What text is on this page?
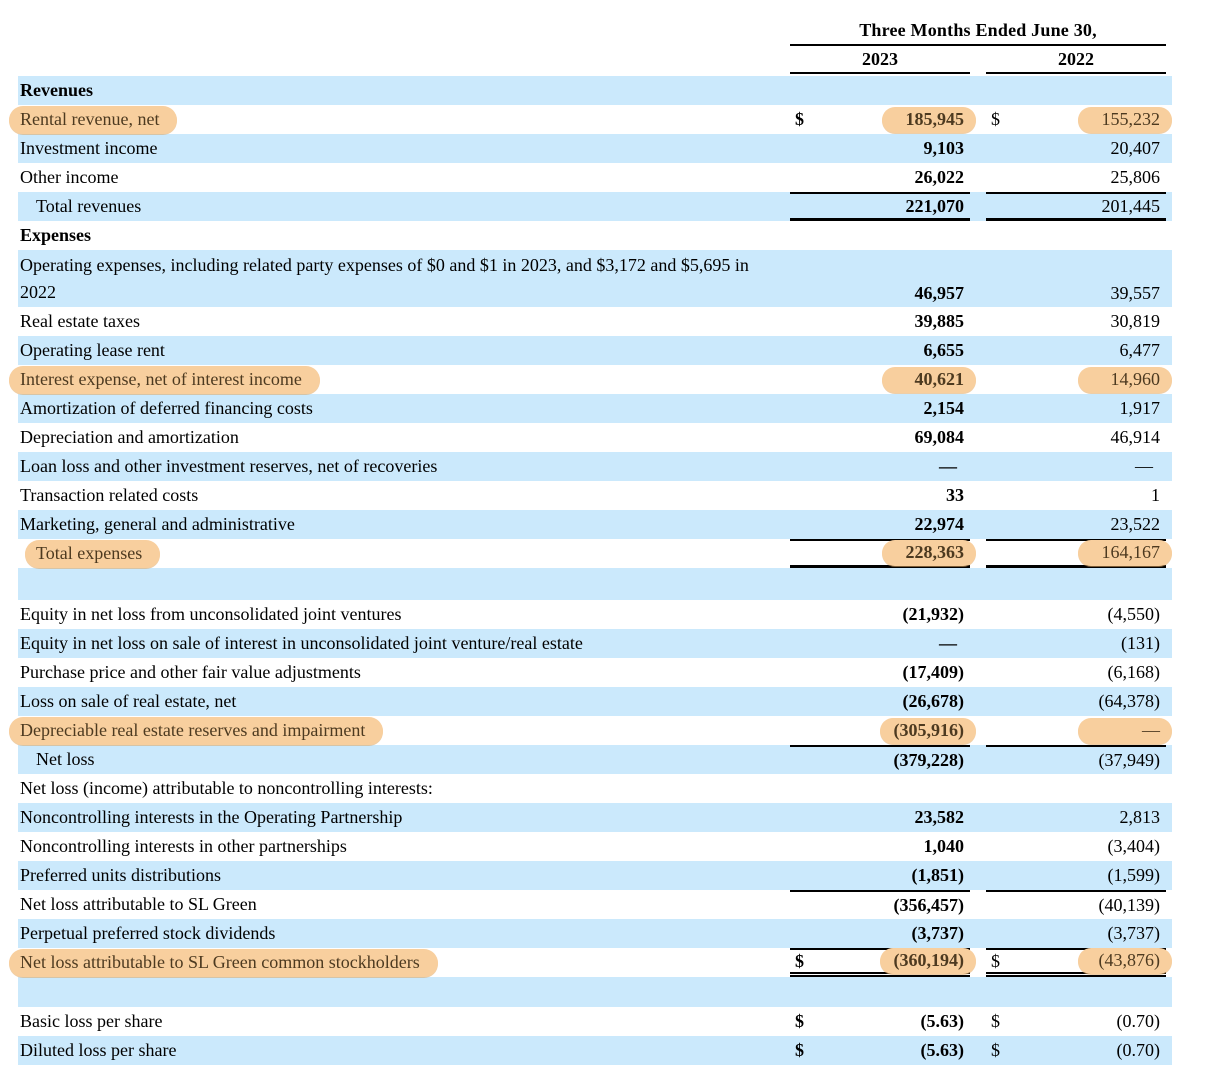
Three Months Ended June 30,
2023	2022
Revenues
Rental revenue, net	$	185,945	$	155,232
Investment income	9,103	20,407
Other income	26,022	25,806
Total revenues	221,070	201,445
Expenses
Operating expenses, including related party expenses of $0 and $1 in 2023, and $3,172 and $5,695 in 2022	46,957	39,557
Real estate taxes	39,885	30,819
Operating lease rent	6,655	6,477
Interest expense, net of interest income	40,621	14,960
Amortization of deferred financing costs	2,154	1,917
Depreciation and amortization	69,084	46,914
Loan loss and other investment reserves, net of recoveries	—	—
Transaction related costs	33	1
Marketing, general and administrative	22,974	23,522
Total expenses	228,363	164,167
Equity in net loss from unconsolidated joint ventures	(21,932)	(4,550)
Equity in net loss on sale of interest in unconsolidated joint venture/real estate	—	(131)
Purchase price and other fair value adjustments	(17,409)	(6,168)
Loss on sale of real estate, net	(26,678)	(64,378)
Depreciable real estate reserves and impairment	(305,916)	—
Net loss	(379,228)	(37,949)
Net loss (income) attributable to noncontrolling interests:
Noncontrolling interests in the Operating Partnership	23,582	2,813
Noncontrolling interests in other partnerships	1,040	(3,404)
Preferred units distributions	(1,851)	(1,599)
Net loss attributable to SL Green	(356,457)	(40,139)
Perpetual preferred stock dividends	(3,737)	(3,737)
Net loss attributable to SL Green common stockholders	$	(360,194)	$	(43,876)
Basic loss per share	$	(5.63)	$	(0.70)
Diluted loss per share	$	(5.63)	$	(0.70)
